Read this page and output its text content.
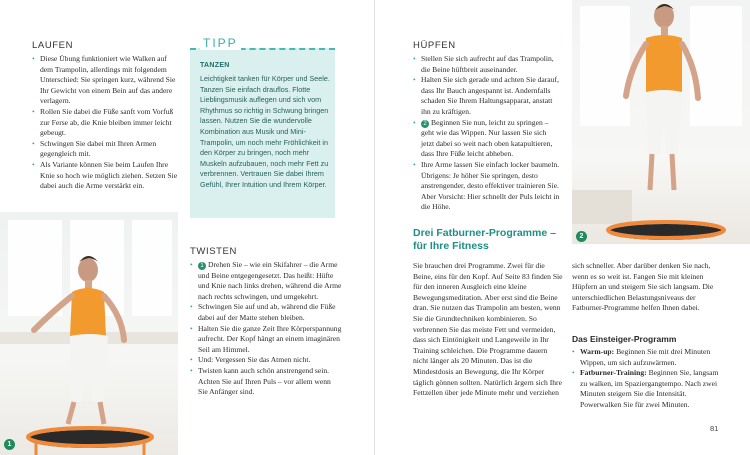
LAUFEN
• Diese Übung funktioniert wie Walken auf dem Trampolin, allerdings mit folgendem Unterschied: Sie springen kurz, während Sie Ihr Gewicht von einem Bein auf das andere verlagern.
• Rollen Sie dabei die Füße sanft vom Vorfuß zur Ferse ab, die Knie bleiben immer leicht gebeugt.
• Schwingen Sie dabei mit Ihren Armen gegengleich mit.
• Als Variante können Sie beim Laufen Ihre Knie so hoch wie möglich ziehen. Setzen Sie dabei auch die Arme verstärkt ein.
TIPP
TANZEN
Leichtigkeit tanken für Körper und Seele. Tanzen Sie einfach drauflos. Flotte Lieblingsmusik auflegen und sich vom Rhythmus so richtig in Schwung bringen lassen. Nutzen Sie die wundervolle Kombination aus Musik und Mini-Trampolin, um noch mehr Fröhlichkeit in den Körper zu bringen, noch mehr Muskeln aufzubauen, noch mehr Fett zu verbrennen. Vertrauen Sie dabei Ihrem Gefühl, Ihrer Intuition und Ihrem Körper.
1
TWISTEN
• 1 Drehen Sie – wie ein Skifahrer – die Arme und Beine entgegengesetzt. Das heißt: Hüfte und Knie nach links drehen, während die Arme nach rechts schwingen, und umgekehrt.
• Schwingen Sie auf und ab, während die Füße dabei auf der Matte stehen bleiben.
• Halten Sie die ganze Zeit Ihre Körperspannung aufrecht. Der Kopf hängt an einem imaginären Seil am Himmel.
• Und: Vergessen Sie das Atmen nicht.
• Twisten kann auch schön anstrengend sein. Achten Sie auf Ihren Puls – vor allem wenn Sie Anfänger sind.
HÜPFEN
• Stellen Sie sich aufrecht auf das Trampolin, die Beine hüftbreit auseinander.
• Halten Sie sich gerade und achten Sie darauf, dass Ihr Bauch angespannt ist. Andernfalls schaden Sie Ihrem Haltungsapparat, anstatt ihn zu kräftigen.
• 2 Beginnen Sie nun, leicht zu springen – geht wie das Wippen. Nur lassen Sie sich jetzt dabei so weit nach oben katapultieren, dass Ihre Füße leicht abheben.
• Ihre Arme lassen Sie einfach locker baumeln. Übrigens: Je höher Sie springen, desto anstrengender, desto effektiver trainieren Sie. Aber Vorsicht: Hier schnellt der Puls leicht in die Höhe.
2
Drei Fatburner-Programme – für Ihre Fitness
Sie brauchen drei Programme. Zwei für die Beine, eins für den Kopf. Auf Seite 83 finden Sie für den inneren Ausgleich eine kleine Bewegungsmeditation. Aber erst sind die Beine dran. Sie nutzen das Trampolin am besten, wenn Sie die Grundtechniken kombinieren. So verbrennen Sie das meiste Fett und vermeiden, dass sich Eintönigkeit und Langeweile in Ihr Training schleichen. Die Programme dauern nicht länger als 20 Minuten. Das ist die Mindestdosis an Bewegung, die Ihr Körper täglich gönnen sollten. Natürlich ärgern sich Ihre Fettzellen über jede Minute mehr und verziehen
sich schneller. Aber darüber denken Sie nach, wenn es so weit ist. Fangen Sie mit kleinen Hüpfern an und steigern Sie sich langsam. Die unterschiedlichen Belastungsniveaus der Fatburner-Programme helfen Ihnen dabei.
Das Einsteiger-Programm
• Warm-up: Beginnen Sie mit drei Minuten Wippen, um sich aufzuwärmen.
• Fatburner-Training: Beginnen Sie, langsam zu walken, im Spaziergangtempo. Nach zwei Minuten steigern Sie die Intensität. Powerwalken Sie für zwei Minuten.
81
